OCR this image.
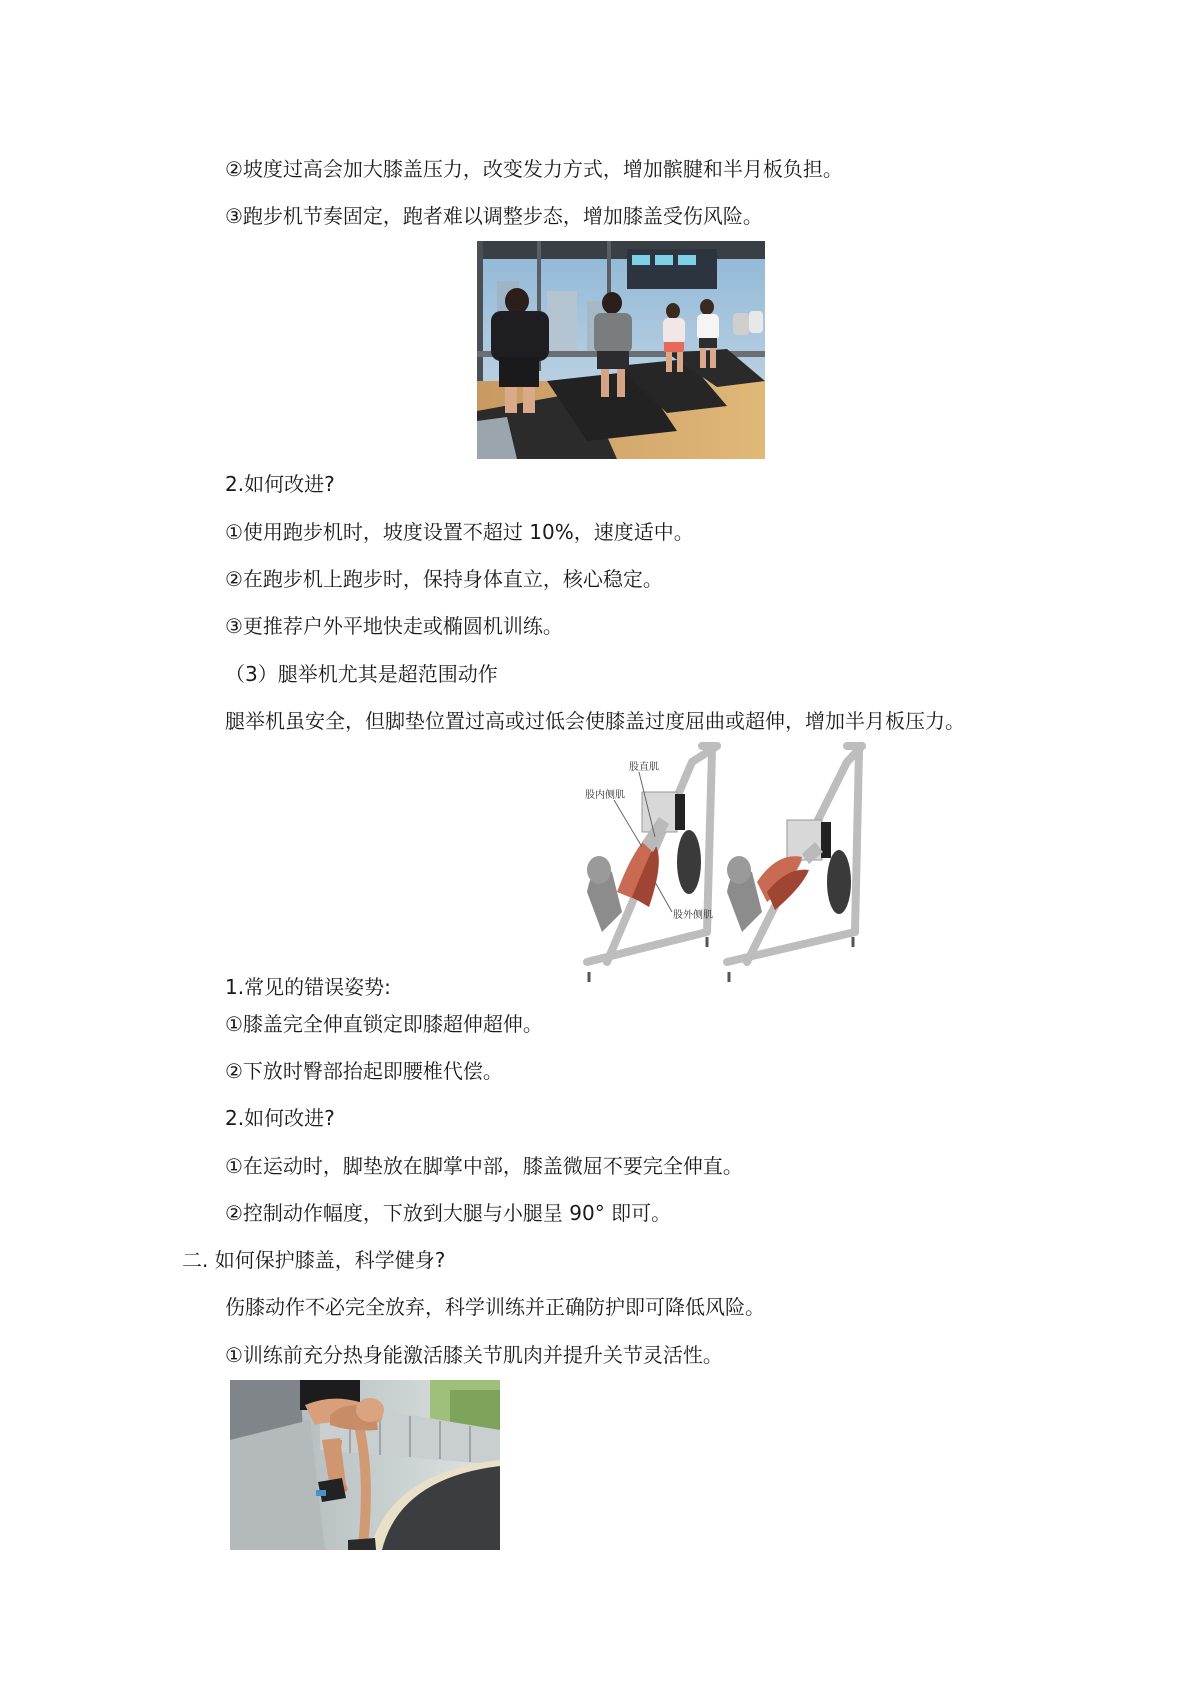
②坡度过高会加大膝盖压力，改变发力方式，增加髌腱和半月板负担。
③跑步机节奏固定，跑者难以调整步态，增加膝盖受伤风险。
2.如何改进?
①使用跑步机时，坡度设置不超过 10%，速度适中。
②在跑步机上跑步时，保持身体直立，核心稳定。
③更推荐户外平地快走或椭圆机训练。
（3）腿举机尤其是超范围动作
腿举机虽安全，但脚垫位置过高或过低会使膝盖过度屈曲或超伸，增加半月板压力。
股直肌
股内侧肌
股外侧肌
1.常见的错误姿势:
①膝盖完全伸直锁定即膝超伸超伸。
②下放时臀部抬起即腰椎代偿。
2.如何改进?
①在运动时，脚垫放在脚掌中部，膝盖微屈不要完全伸直。
②控制动作幅度，下放到大腿与小腿呈 90° 即可。
二. 如何保护膝盖，科学健身?
伤膝动作不必完全放弃，科学训练并正确防护即可降低风险。
①训练前充分热身能激活膝关节肌肉并提升关节灵活性。
